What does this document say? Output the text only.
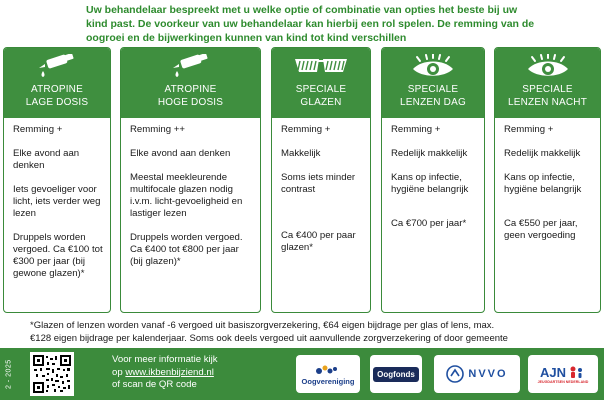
Uw behandelaar bespreekt met u welke optie of combinatie van opties het beste bij uw
kind past. De voorkeur van uw behandelaar kan hierbij een rol spelen. De remming van de
oogroei en de bijwerkingen kunnen van kind tot kind verschillen
ATROPINE
LAGE DOSIS

Remming +

Elke avond aan denken

Iets gevoeliger voor licht, iets verder weg lezen

Druppels worden vergoed. Ca €100 tot €300 per jaar (bij gewone glazen)*

ATROPINE
HOGE DOSIS

Remming ++

Elke avond aan denken

Meestal meekleurende multifocale glazen nodig i.v.m. licht-gevoeligheid en lastiger lezen

Druppels worden vergoed. Ca €400 tot €800 per jaar (bij glazen)*

SPECIALE
GLAZEN

Remming +

Makkelijk

Soms iets minder contrast

Ca €400 per paar glazen*

SPECIALE
LENZEN DAG

Remming +

Redelijk makkelijk

Kans op infectie, hygiëne belangrijk

Ca €700 per jaar*

SPECIALE
LENZEN NACHT

Remming +

Redelijk makkelijk

Kans op infectie, hygiëne belangrijk

Ca €550 per jaar, geen vergoeding

*Glazen of lenzen worden vanaf -6 vergoed uit basiszorgverzekering, €64 eigen bijdrage per glas of lens, max.
€128 eigen bijdrage per kalenderjaar. Soms ook deels vergoed uit aanvullende zorgverzekering of door gemeente
2 - 2025	Voor meer informatie kijk
op www.ikbenbijziend.nl
of scan de QR code	Oogvereniging
Oogfonds	NVVO AJN
JEUGDARTSEN NEDERLAND
